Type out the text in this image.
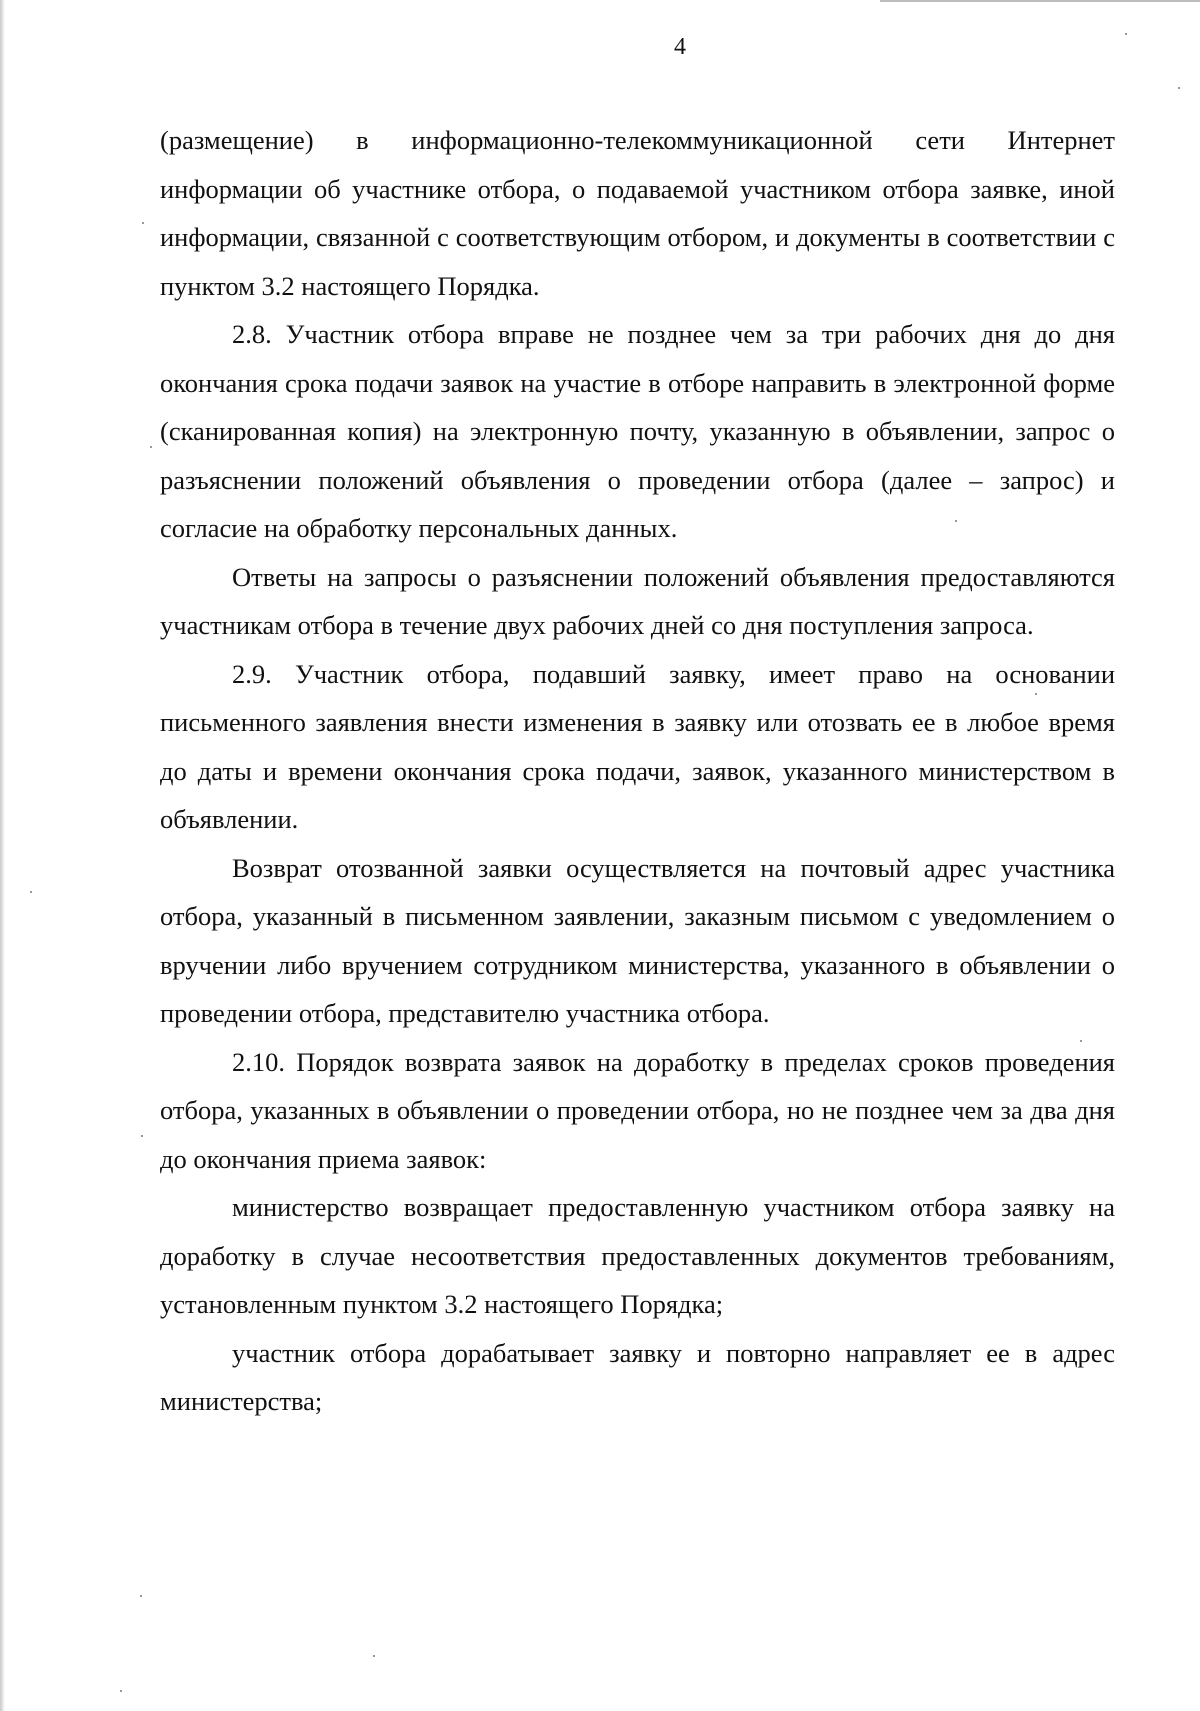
4

(размещение) в информационно-телекоммуникационной сети Интернет информации об участнике отбора, о подаваемой участником отбора заявке, иной информации, связанной с соответствующим отбором, и документы в соответствии с пунктом 3.2 настоящего Порядка.

2.8. Участник отбора вправе не позднее чем за три рабочих дня до дня окончания срока подачи заявок на участие в отборе направить в электронной форме (сканированная копия) на электронную почту, указанную в объявлении, запрос о разъяснении положений объявления о проведении отбора (далее – запрос) и согласие на обработку персональных данных.

Ответы на запросы о разъяснении положений объявления предоставляются участникам отбора в течение двух рабочих дней со дня поступления запроса.

2.9. Участник отбора, подавший заявку, имеет право на основании письменного заявления внести изменения в заявку или отозвать ее в любое время до даты и времени окончания срока подачи, заявок, указанного министерством в объявлении.

Возврат отозванной заявки осуществляется на почтовый адрес участника отбора, указанный в письменном заявлении, заказным письмом с уведомлением о вручении либо вручением сотрудником министерства, указанного в объявлении о проведении отбора, представителю участника отбора.

2.10. Порядок возврата заявок на доработку в пределах сроков проведения отбора, указанных в объявлении о проведении отбора, но не позднее чем за два дня до окончания приема заявок:

министерство возвращает предоставленную участником отбора заявку на доработку в случае несоответствия предоставленных документов требованиям, установленным пунктом 3.2 настоящего Порядка;

участник отбора дорабатывает заявку и повторно направляет ее в адрес министерства;
